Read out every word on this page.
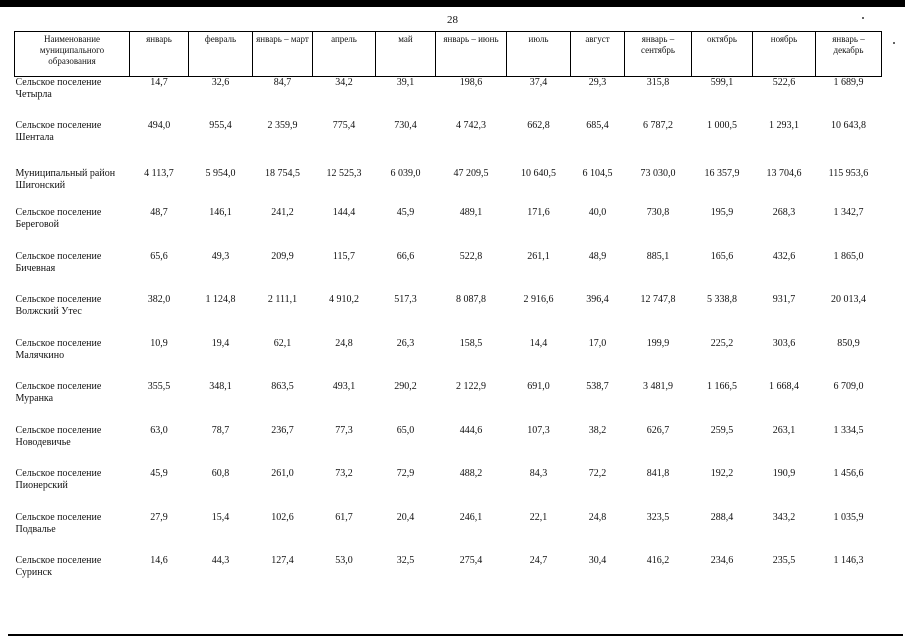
28
Наименование муниципального образования	январь	февраль	январь – март	апрель	май	январь – июнь	июль	август	январь – сентябрь	октябрь	ноябрь	январь – декабрь
Сельское поселение Четырла	14,7	32,6	84,7	34,2	39,1	198,6	37,4	29,3	315,8	599,1	522,6	1 689,9
Сельское поселение Шентала	494,0	955,4	2 359,9	775,4	730,4	4 742,3	662,8	685,4	6 787,2	1 000,5	1 293,1	10 643,8
Муниципальный район Шигонский	4 113,7	5 954,0	18 754,5	12 525,3	6 039,0	47 209,5	10 640,5	6 104,5	73 030,0	16 357,9	13 704,6	115 953,6
Сельское поселение Береговой	48,7	146,1	241,2	144,4	45,9	489,1	171,6	40,0	730,8	195,9	268,3	1 342,7
Сельское поселение Бичевная	65,6	49,3	209,9	115,7	66,6	522,8	261,1	48,9	885,1	165,6	432,6	1 865,0
Сельское поселение Волжский Утес	382,0	1 124,8	2 111,1	4 910,2	517,3	8 087,8	2 916,6	396,4	12 747,8	5 338,8	931,7	20 013,4
Сельское поселение Малячкино	10,9	19,4	62,1	24,8	26,3	158,5	14,4	17,0	199,9	225,2	303,6	850,9
Сельское поселение Муранка	355,5	348,1	863,5	493,1	290,2	2 122,9	691,0	538,7	3 481,9	1 166,5	1 668,4	6 709,0
Сельское поселение Новодевичье	63,0	78,7	236,7	77,3	65,0	444,6	107,3	38,2	626,7	259,5	263,1	1 334,5
Сельское поселение Пионерский	45,9	60,8	261,0	73,2	72,9	488,2	84,3	72,2	841,8	192,2	190,9	1 456,6
Сельское поселение Подвалье	27,9	15,4	102,6	61,7	20,4	246,1	22,1	24,8	323,5	288,4	343,2	1 035,9
Сельское поселение Суринск	14,6	44,3	127,4	53,0	32,5	275,4	24,7	30,4	416,2	234,6	235,5	1 146,3
